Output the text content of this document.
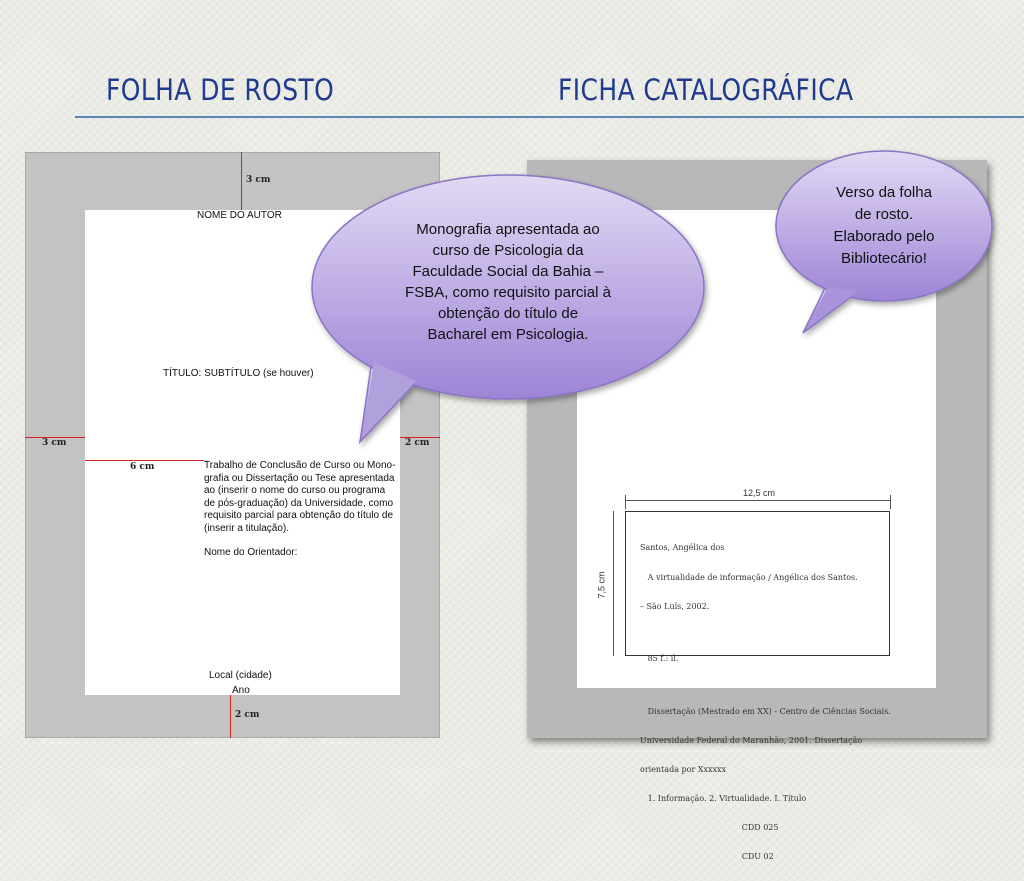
FOLHA DE ROSTO	FICHA CATALOGRÁFICA
3 cm
3 cm	2 cm
6 cm
2 cm
NOME DO AUTOR
TÍTULO: SUBTÍTULO (se houver)
Trabalho de Conclusão de Curso ou Mono-
grafia ou Dissertação ou Tese apresentada
ao (inserir o nome do curso ou programa
de pós-graduação) da Universidade, como
requisito parcial para obtenção do título de
(inserir a titulação).
Nome do Orientador:
Local (cidade)
Ano
12,5 cm
7,5 cm

Santos, Angélica dos

A virtualidade de informação / Angélica dos Santos.

– São Luís, 2002.

85 f.: il.

Dissertação (Mestrado em XX) - Centro de Ciências Sociais.

Universidade Federal do Maranhão, 2001. Dissertação

orientada por Xxxxxx

1. Informação. 2. Virtualidade. I. Título

CDD 025

CDU 02

Monografia apresentada ao
curso de Psicologia da
Faculdade Social da Bahia –
FSBA, como requisito parcial à
obtenção do título de
Bacharel em Psicologia.
Verso da folha
de rosto.
Elaborado pelo
Bibliotecário!
